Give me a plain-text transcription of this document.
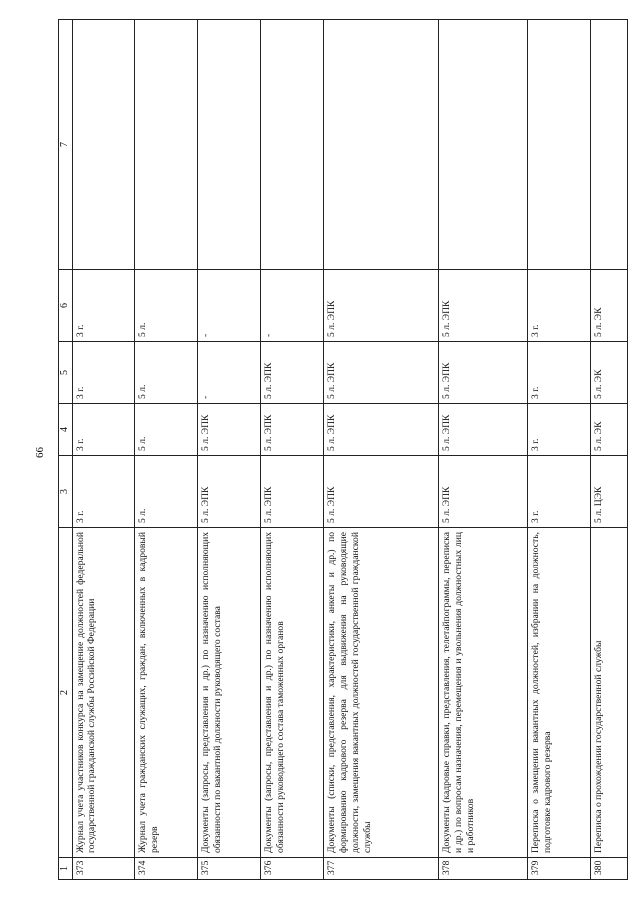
66
1	2	3	4	5	6	7
373	Журнал учета участников конкурса на замещение должностей федеральной государственной гражданской службы Российской Федерации	3 г.	3 г.	3 г.	3 г.	
374	Журнал учета гражданских служащих, граждан, включенных в кадровый резерв	5 л.	5 л.	5 л.	5 л.	
375	Документы (запросы, представления и др.) по назначению исполняющих обязанности по вакантной должности руководящего состава	5 л. ЭПК	5 л. ЭПК	-	-	
376	Документы (запросы, представления и др.) по назначению исполняющих обязанности руководящего состава таможенных органов	5 л. ЭПК	5 л. ЭПК	5 л. ЭПК	-	
377	Документы (списки, представления, характеристики, анкеты и др.) по формированию кадрового резерва для выдвижения на руководящие должности, замещения вакантных должностей государственной гражданской службы	5 л. ЭПК	5 л. ЭПК	5 л. ЭПК	5 л. ЭПК	
378	Документы (кадровые справки, представления, телетайпограммы, переписка и др.) по вопросам назначения, перемещения и увольнения должностных лиц и работников	5 л. ЭПК	5 л. ЭПК	5 л. ЭПК	5 л. ЭПК	
379	Переписка о замещении вакантных должностей, избрании на должность, подготовке кадрового резерва	3 г.	3 г.	3 г.	3 г.	
380	Переписка о прохождении государственной службы	5 л. ЦЭК	5 л. ЭК	5 л. ЭК	5 л. ЭК	
